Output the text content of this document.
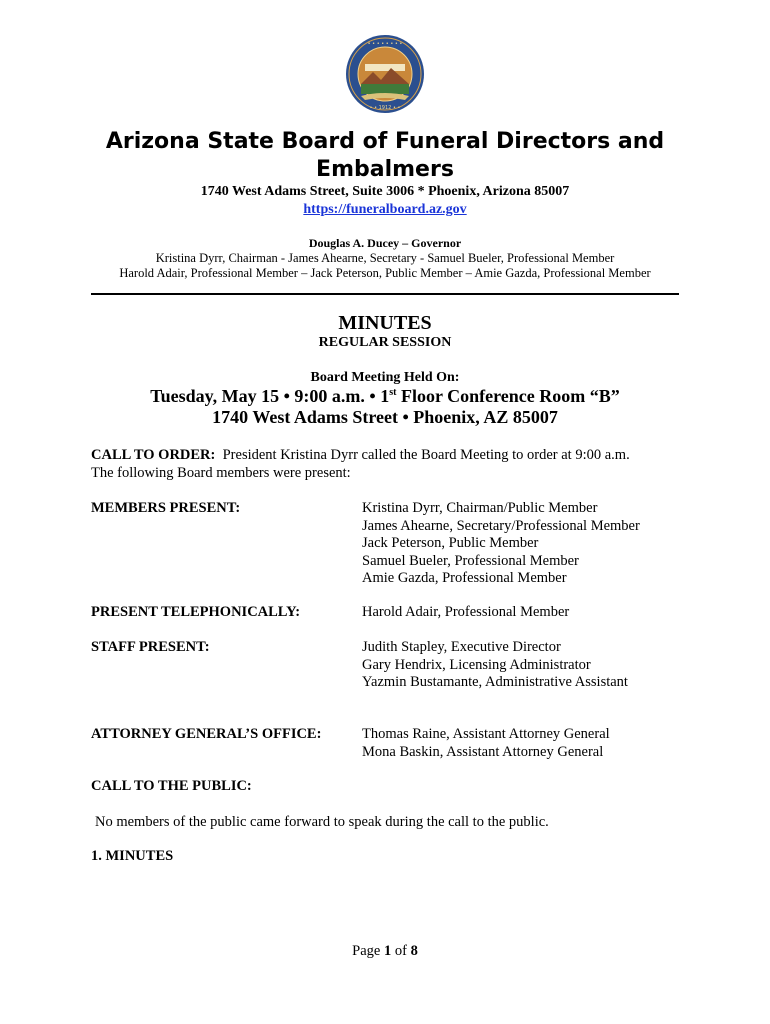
• • • • • • • •
• • 1912 • •
Arizona State Board of Funeral Directors and Embalmers
1740 West Adams Street, Suite 3006 * Phoenix, Arizona 85007
https://funeralboard.az.gov
Douglas A. Ducey – Governor
Kristina Dyrr, Chairman - James Ahearne, Secretary - Samuel Bueler, Professional Member
Harold Adair, Professional Member – Jack Peterson, Public Member – Amie Gazda, Professional Member
MINUTES
REGULAR SESSION
Board Meeting Held On:
Tuesday, May 15 • 9:00 a.m. • 1st Floor Conference Room “B”
1740 West Adams Street • Phoenix, AZ 85007
CALL TO ORDER:  President Kristina Dyrr called the Board Meeting to order at 9:00 a.m.
The following Board members were present:
MEMBERS PRESENT:	Kristina Dyrr, Chairman/Public Member
James Ahearne, Secretary/Professional Member
Jack Peterson, Public Member
Samuel Bueler, Professional Member
Amie Gazda, Professional Member
PRESENT TELEPHONICALLY:	Harold Adair, Professional Member
STAFF PRESENT:	Judith Stapley, Executive Director
Gary Hendrix, Licensing Administrator
Yazmin Bustamante, Administrative Assistant
ATTORNEY GENERAL’S OFFICE:	Thomas Raine, Assistant Attorney General
Mona Baskin, Assistant Attorney General
CALL TO THE PUBLIC:
No members of the public came forward to speak during the call to the public.
1. MINUTES
Page 1 of 8
